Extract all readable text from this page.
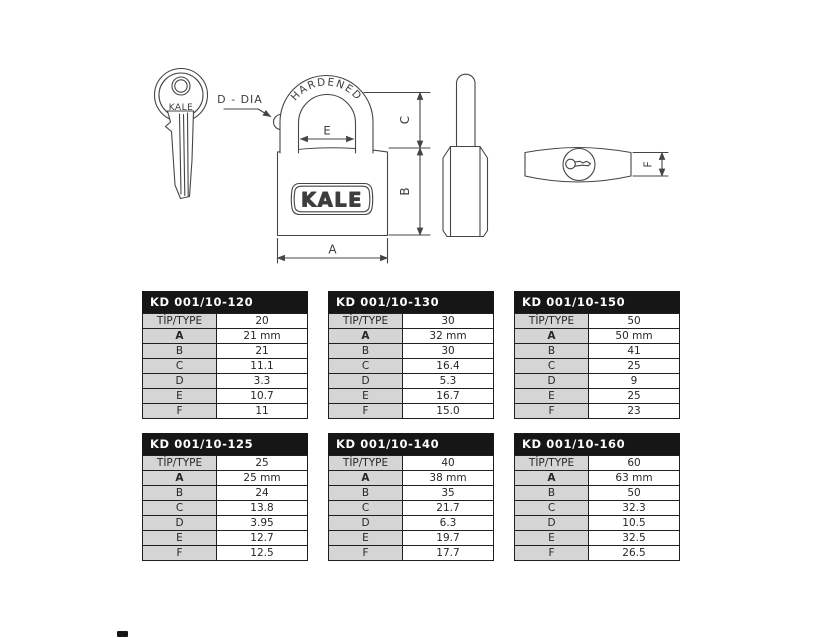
KALE
D - DIA HARDENED
KALE
E
C
B
A
F
KD 001/10-120
TİP/TYPE	20
A	21 mm
B	21
C	11.1
D	3.3
E	10.7
F	11
KD 001/10-130
TİP/TYPE	30
A	32 mm
B	30
C	16.4
D	5.3
E	16.7
F	15.0
KD 001/10-150
TİP/TYPE	50
A	50 mm
B	41
C	25
D	9
E	25
F	23
KD 001/10-125
TİP/TYPE	25
A	25 mm
B	24
C	13.8
D	3.95
E	12.7
F	12.5
KD 001/10-140
TİP/TYPE	40
A	38 mm
B	35
C	21.7
D	6.3
E	19.7
F	17.7
KD 001/10-160
TİP/TYPE	60
A	63 mm
B	50
C	32.3
D	10.5
E	32.5
F	26.5
